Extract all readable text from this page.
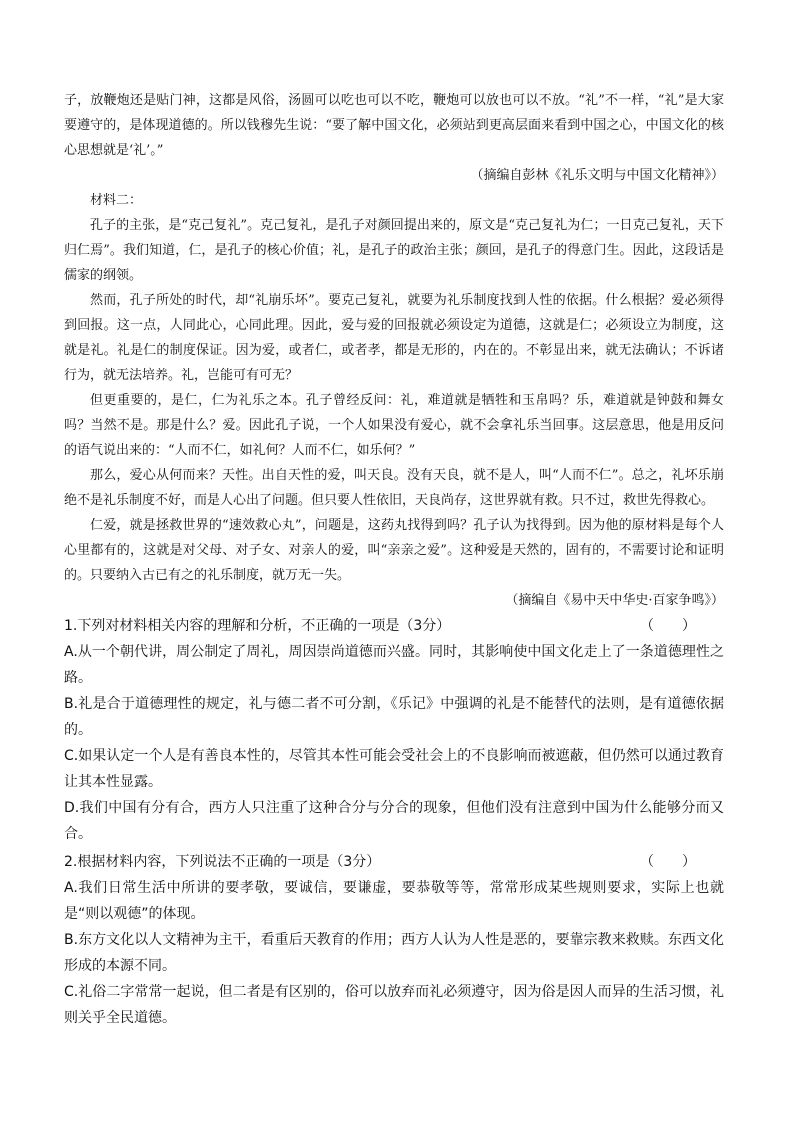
子，放鞭炮还是贴门神，这都是风俗，汤圆可以吃也可以不吃，鞭炮可以放也可以不放。“礼”不一样，“礼”是大家要遵守的，是体现道德的。所以钱穆先生说：“要了解中国文化，必须站到更高层面来看到中国之心，中国文化的核心思想就是‘礼’。”

（摘编自彭林《礼乐文明与中国文化精神》）

材料二：

孔子的主张，是“克己复礼”。克己复礼，是孔子对颜回提出来的，原文是“克己复礼为仁；一日克己复礼，天下归仁焉”。我们知道，仁，是孔子的核心价值；礼，是孔子的政治主张；颜回，是孔子的得意门生。因此，这段话是儒家的纲领。

然而，孔子所处的时代，却“礼崩乐坏”。要克己复礼，就要为礼乐制度找到人性的依据。什么根据？爱必须得到回报。这一点，人同此心，心同此理。因此，爱与爱的回报就必须设定为道德，这就是仁；必须设立为制度，这就是礼。礼是仁的制度保证。因为爱，或者仁，或者孝，都是无形的，内在的。不彰显出来，就无法确认；不诉诸行为，就无法培养。礼，岂能可有可无？

但更重要的，是仁，仁为礼乐之本。孔子曾经反问：礼，难道就是牺牲和玉帛吗？乐，难道就是钟鼓和舞女吗？当然不是。那是什么？爱。因此孔子说，一个人如果没有爱心，就不会拿礼乐当回事。这层意思，他是用反问的语气说出来的：“人而不仁，如礼何？人而不仁，如乐何？”

那么，爱心从何而来？天性。出自天性的爱，叫天良。没有天良，就不是人，叫“人而不仁”。总之，礼坏乐崩绝不是礼乐制度不好，而是人心出了问题。但只要人性依旧，天良尚存，这世界就有救。只不过，救世先得救心。

仁爱，就是拯救世界的“速效救心丸”，问题是，这药丸找得到吗？孔子认为找得到。因为他的原材料是每个人心里都有的，这就是对父母、对子女、对亲人的爱，叫“亲亲之爱”。这种爱是天然的，固有的，不需要讨论和证明的。只要纳入古已有之的礼乐制度，就万无一失。

（摘编自《易中天中华史·百家争鸣》）

1.下列对材料相关内容的理解和分析，不正确的一项是（3分）	（　　）

A.从一个朝代讲，周公制定了周礼，周因崇尚道德而兴盛。同时，其影响使中国文化走上了一条道德理性之路。

B.礼是合于道德理性的规定，礼与德二者不可分割，《乐记》中强调的礼是不能替代的法则，是有道德依据的。

C.如果认定一个人是有善良本性的，尽管其本性可能会受社会上的不良影响而被遮蔽，但仍然可以通过教育让其本性显露。

D.我们中国有分有合，西方人只注重了这种合分与分合的现象，但他们没有注意到中国为什么能够分而又合。

2.根据材料内容，下列说法不正确的一项是（3分）	（　　）

A.我们日常生活中所讲的要孝敬，要诚信，要谦虚，要恭敬等等，常常形成某些规则要求，实际上也就是“则以观德”的体现。

B.东方文化以人文精神为主干，看重后天教育的作用；西方人认为人性是恶的，要靠宗教来救赎。东西文化形成的本源不同。

C.礼俗二字常常一起说，但二者是有区别的，俗可以放弃而礼必须遵守，因为俗是因人而异的生活习惯，礼则关乎全民道德。
